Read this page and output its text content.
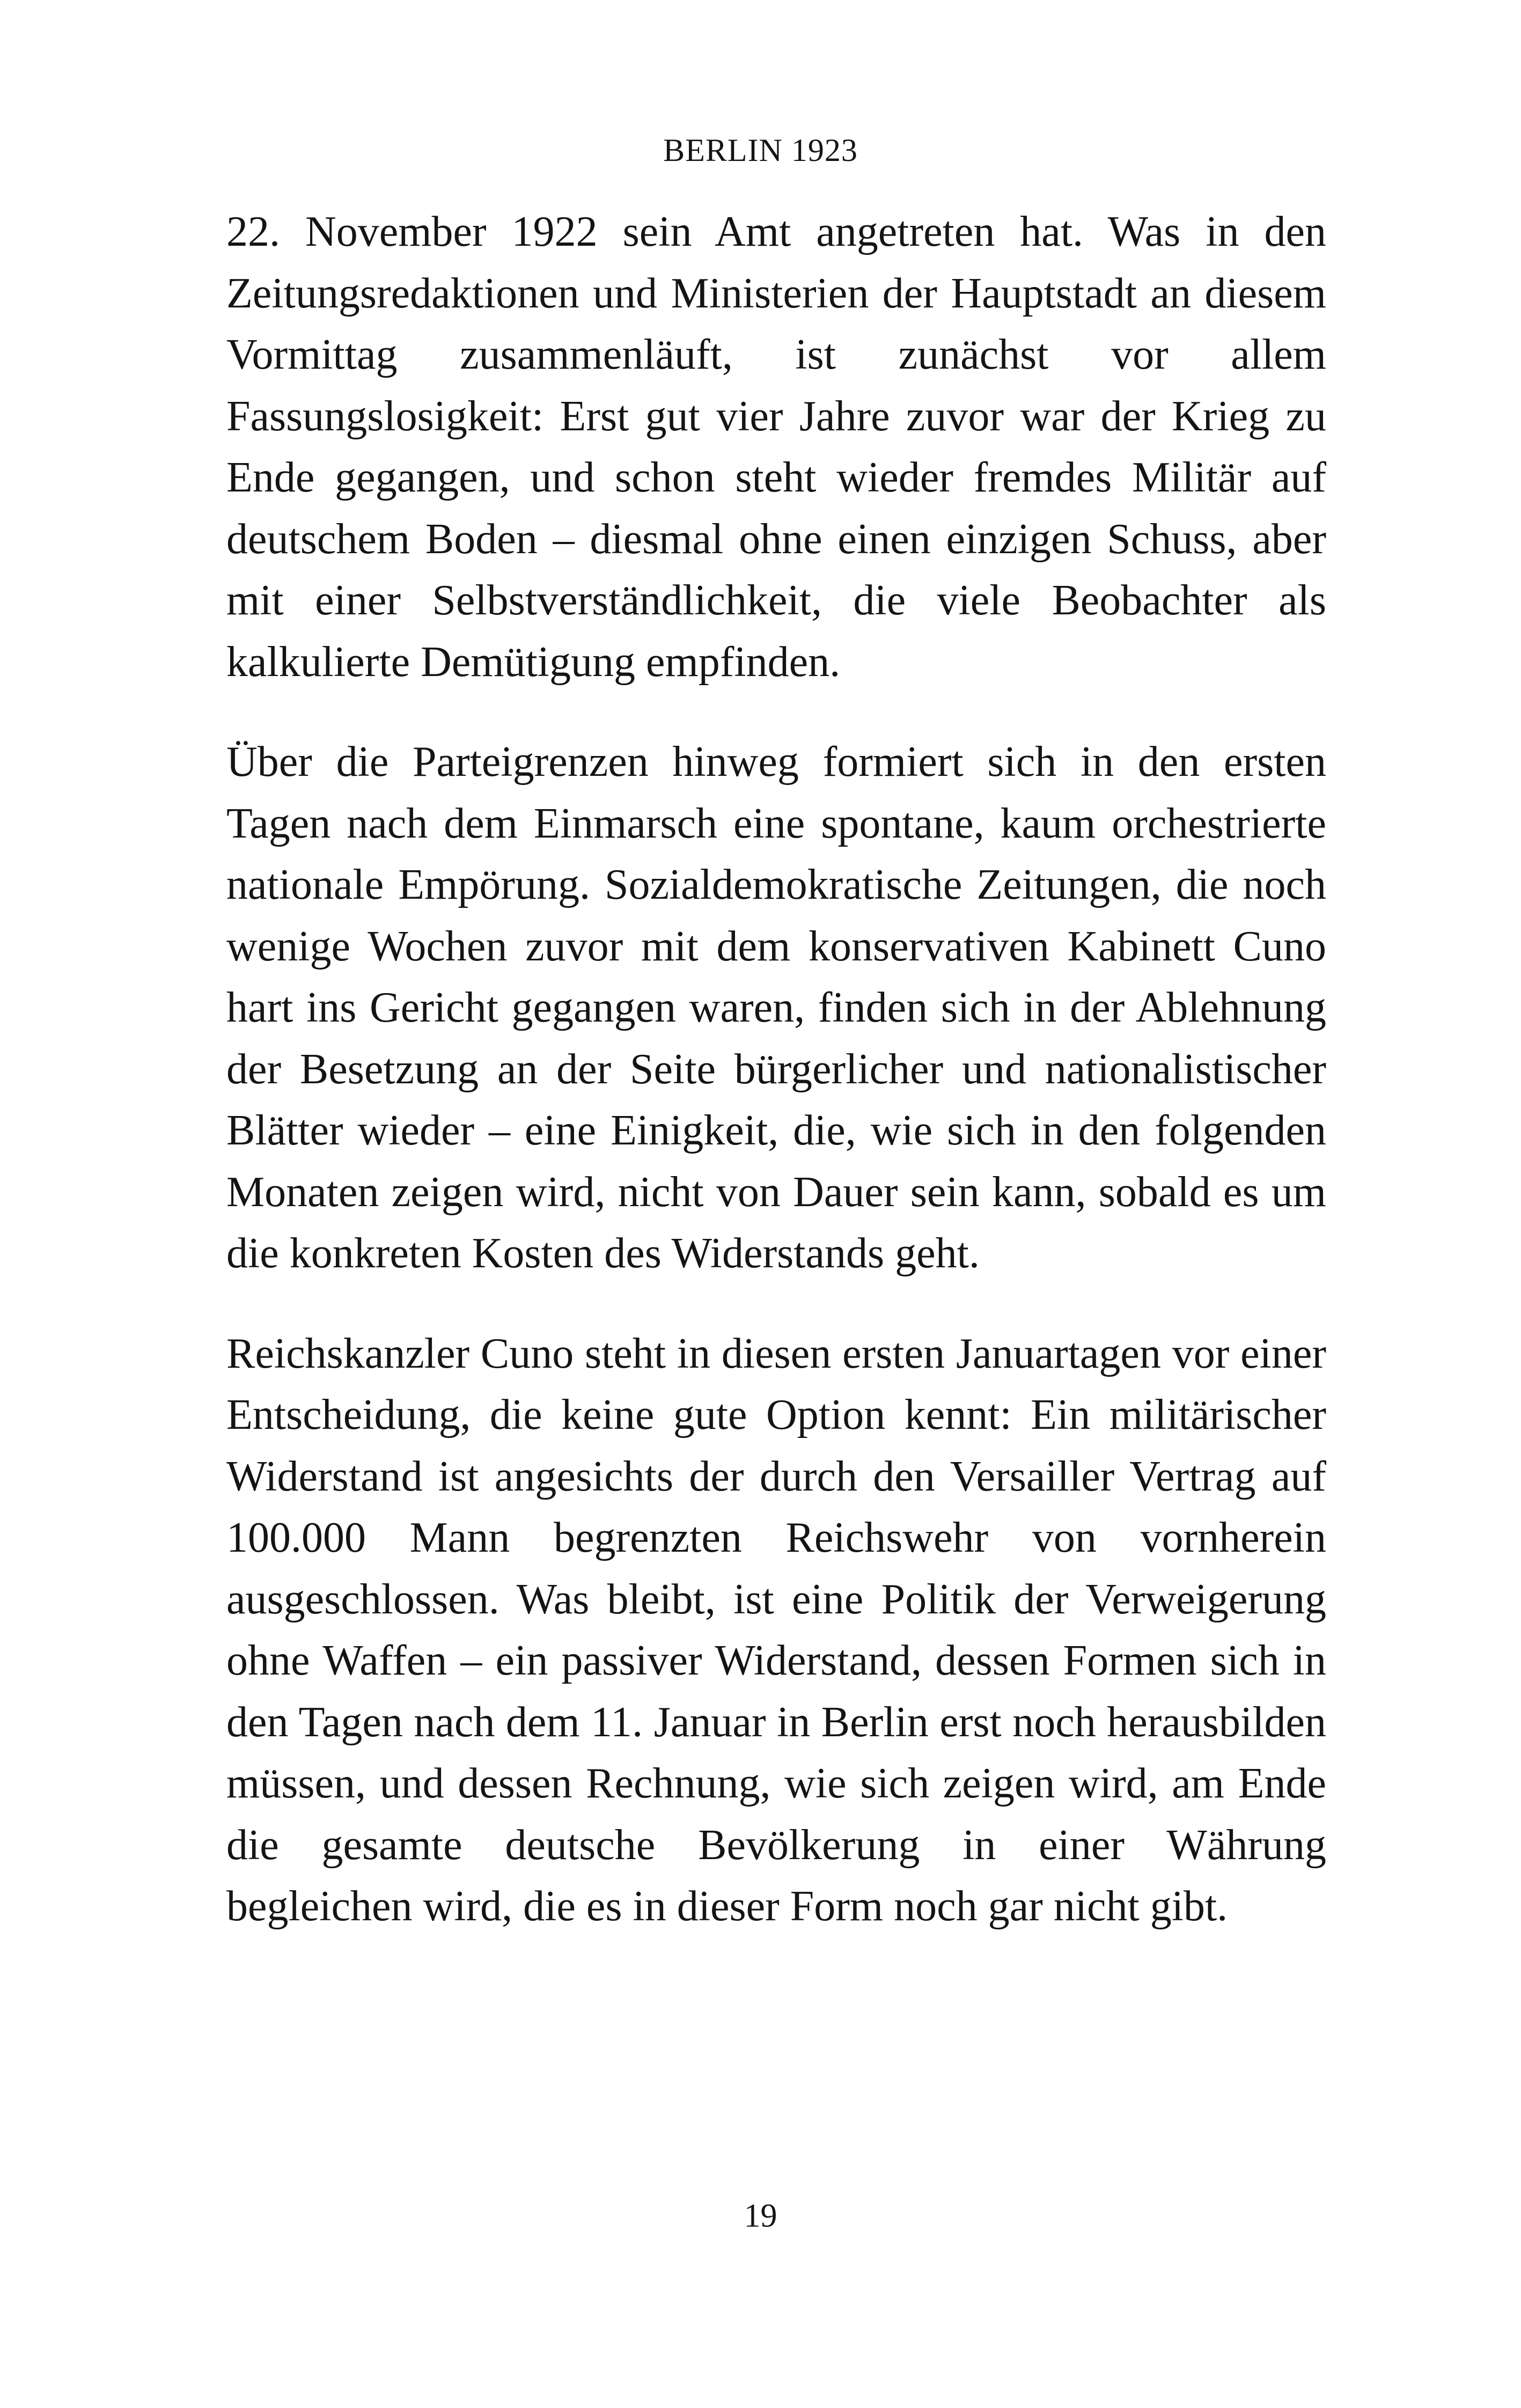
BERLIN 1923

22. November 1922 sein Amt angetreten hat. Was in den Zeitungsredaktionen und Ministerien der Hauptstadt an diesem Vormittag zusammenläuft, ist zunächst vor allem Fassungslosigkeit: Erst gut vier Jahre zuvor war der Krieg zu Ende gegangen, und schon steht wieder fremdes Militär auf deutschem Boden – diesmal ohne einen einzigen Schuss, aber mit einer Selbstverständlichkeit, die viele Beobachter als kalkulierte Demütigung empfinden.

Über die Parteigrenzen hinweg formiert sich in den ersten Tagen nach dem Einmarsch eine spontane, kaum orchestrierte nationale Empörung. Sozialdemokratische Zeitungen, die noch wenige Wochen zuvor mit dem konservativen Kabinett Cuno hart ins Gericht gegangen waren, finden sich in der Ablehnung der Besetzung an der Seite bürgerlicher und nationalistischer Blätter wieder – eine Einigkeit, die, wie sich in den folgenden Monaten zeigen wird, nicht von Dauer sein kann, sobald es um die konkreten Kosten des Widerstands geht.

Reichskanzler Cuno steht in diesen ersten Januartagen vor einer Entscheidung, die keine gute Option kennt: Ein militärischer Widerstand ist angesichts der durch den Versailler Vertrag auf 100.000 Mann begrenzten Reichswehr von vornherein ausgeschlossen. Was bleibt, ist eine Politik der Verweigerung ohne Waffen – ein passiver Widerstand, dessen Formen sich in den Tagen nach dem 11. Januar in Berlin erst noch herausbilden müssen, und dessen Rechnung, wie sich zeigen wird, am Ende die gesamte deutsche Bevölkerung in einer Währung begleichen wird, die es in dieser Form noch gar nicht gibt.

19
